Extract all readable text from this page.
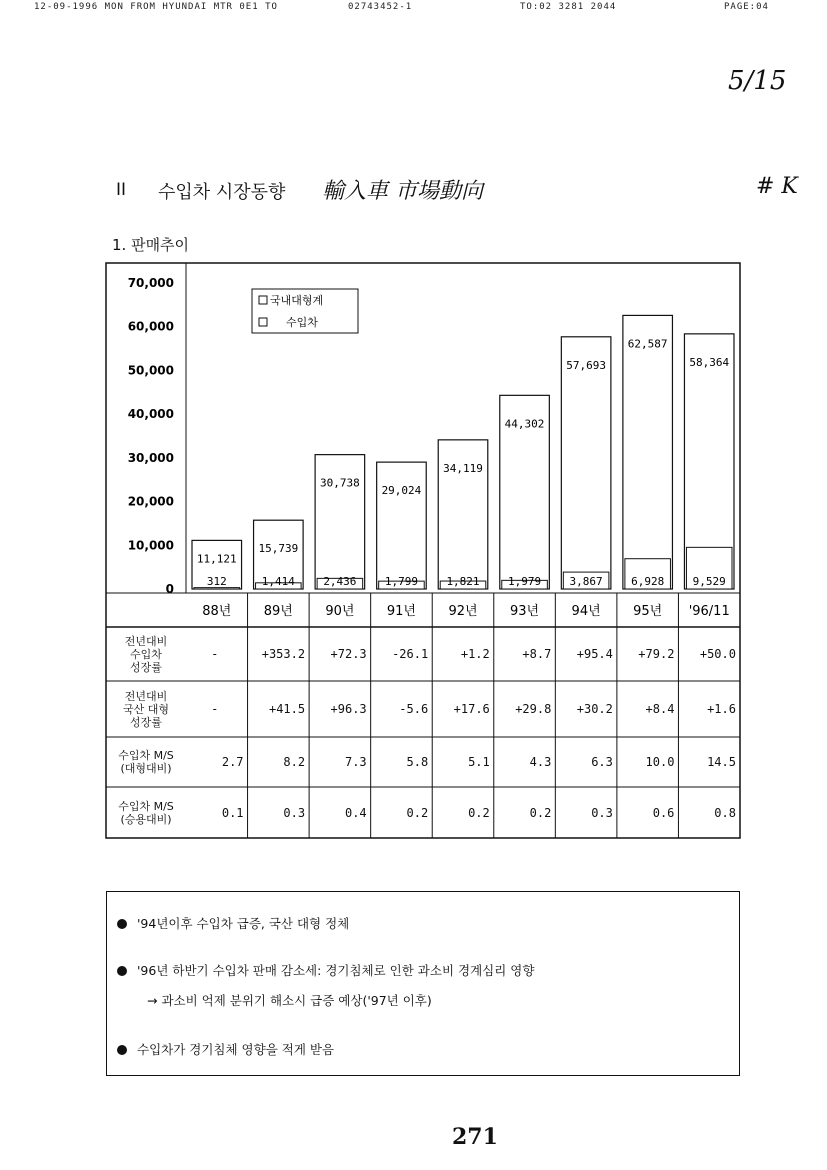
12-09-1996 MON FROM HYUNDAI MTR 0E1 TO	02743452-1	TO:02 3281 2044	PAGE:04
5/15
II 수입차 시장동향 輸入車 市場動向	# K
1. 판매추이
70,000
60,000
50,000
40,000
30,000
20,000
10,000
0
11,121
312
15,739
1,414
30,738
2,436
29,024
1,799
34,119
1,821
44,302
1,979
57,693
3,867
62,587
6,928
58,364
9,529
국내대형계
수입차
88년 89년 90년 91년 92년 93년 94년 95년 '96/11
전년대비
수입차
성장률
-	+353.2	+72.3	-26.1	+1.2	+8.7	+95.4	+79.2	+50.0
전년대비
국산 대형
성장률
-	+41.5	+96.3	-5.6	+17.6	+29.8	+30.2	+8.4	+1.6
수입차 M/S
(대형대비)	2.7	8.2	7.3	5.8	5.1	4.3	6.3	10.0	14.5
수입차 M/S
(승용대비)	0.1	0.3	0.4	0.2	0.2	0.2	0.3	0.6	0.8
'94년이후 수입차 급증, 국산 대형 정체
'96년 하반기 수입차 판매 감소세: 경기침체로 인한 과소비 경계심리 영향
→ 과소비 억제 분위기 해소시 급증 예상('97년 이후)
수입차가 경기침체 영향을 적게 받음
271
